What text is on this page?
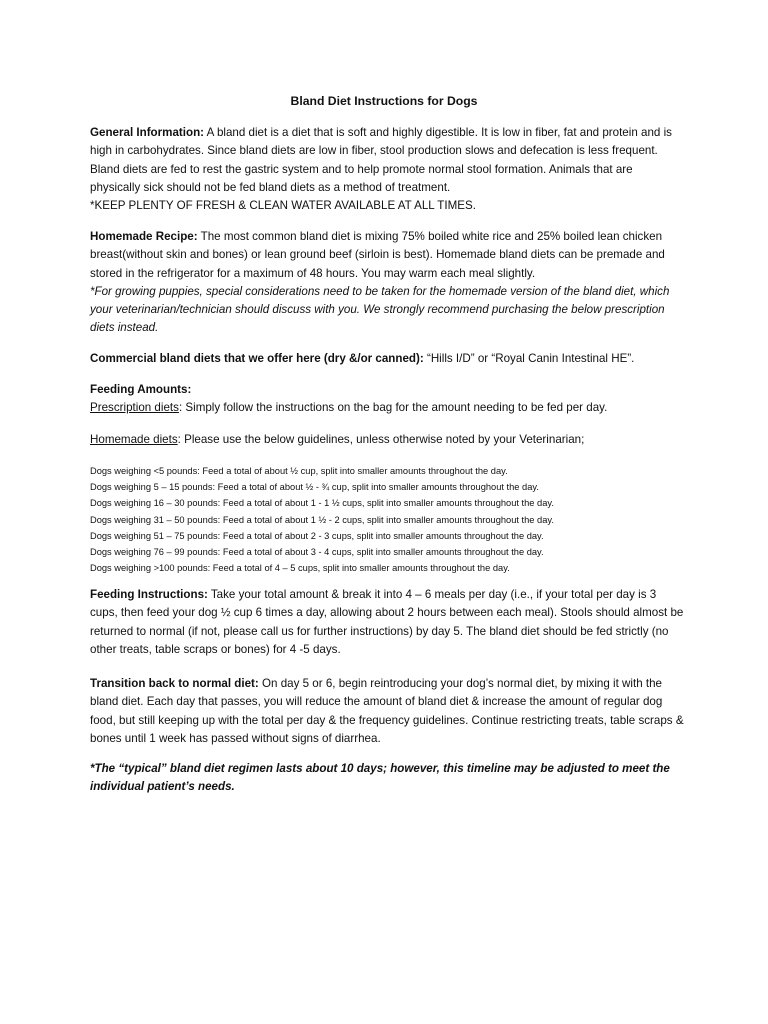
Bland Diet Instructions for Dogs
General Information: A bland diet is a diet that is soft and highly digestible. It is low in fiber, fat and protein and is high in carbohydrates. Since bland diets are low in fiber, stool production slows and defecation is less frequent. Bland diets are fed to rest the gastric system and to help promote normal stool formation. Animals that are physically sick should not be fed bland diets as a method of treatment.
*KEEP PLENTY OF FRESH & CLEAN WATER AVAILABLE AT ALL TIMES.
Homemade Recipe: The most common bland diet is mixing 75% boiled white rice and 25% boiled lean chicken breast(without skin and bones) or lean ground beef (sirloin is best). Homemade bland diets can be premade and stored in the refrigerator for a maximum of 48 hours. You may warm each meal slightly.
*For growing puppies, special considerations need to be taken for the homemade version of the bland diet, which your veterinarian/technician should discuss with you. We strongly recommend purchasing the below prescription diets instead.
Commercial bland diets that we offer here (dry &/or canned): “Hills I/D” or “Royal Canin Intestinal HE”.
Feeding Amounts:
Prescription diets: Simply follow the instructions on the bag for the amount needing to be fed per day.
Homemade diets: Please use the below guidelines, unless otherwise noted by your Veterinarian;
Dogs weighing <5 pounds: Feed a total of about ½ cup, split into smaller amounts throughout the day.
Dogs weighing 5 – 15 pounds: Feed a total of about ½ - ¾ cup, split into smaller amounts throughout the day.
Dogs weighing 16 – 30 pounds: Feed a total of about 1 - 1 ½ cups, split into smaller amounts throughout the day.
Dogs weighing 31 – 50 pounds: Feed a total of about 1 ½ - 2 cups, split into smaller amounts throughout the day.
Dogs weighing 51 – 75 pounds: Feed a total of about 2 - 3 cups, split into smaller amounts throughout the day.
Dogs weighing 76 – 99 pounds: Feed a total of about 3 - 4 cups, split into smaller amounts throughout the day.
Dogs weighing >100 pounds: Feed a total of 4 – 5 cups, split into smaller amounts throughout the day.
Feeding Instructions: Take your total amount & break it into 4 – 6 meals per day (i.e., if your total per day is 3 cups, then feed your dog ½ cup 6 times a day, allowing about 2 hours between each meal). Stools should almost be returned to normal (if not, please call us for further instructions) by day 5. The bland diet should be fed strictly (no other treats, table scraps or bones) for 4 -5 days.
Transition back to normal diet: On day 5 or 6, begin reintroducing your dog’s normal diet, by mixing it with the bland diet. Each day that passes, you will reduce the amount of bland diet & increase the amount of regular dog food, but still keeping up with the total per day & the frequency guidelines. Continue restricting treats, table scraps & bones until 1 week has passed without signs of diarrhea.
*The “typical” bland diet regimen lasts about 10 days; however, this timeline may be adjusted to meet the individual patient’s needs.
